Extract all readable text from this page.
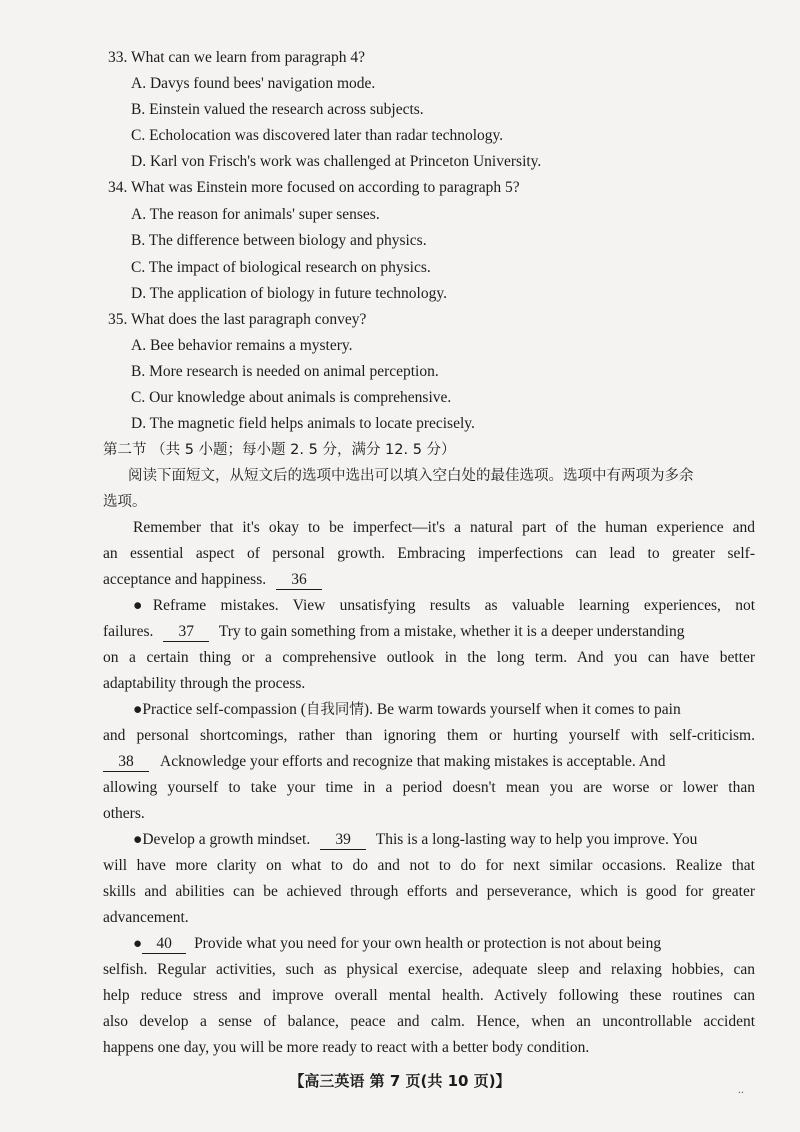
33. What can we learn from paragraph 4?
A. Davys found bees' navigation mode.
B. Einstein valued the research across subjects.
C. Echolocation was discovered later than radar technology.
D. Karl von Frisch's work was challenged at Princeton University.
34. What was Einstein more focused on according to paragraph 5?
A. The reason for animals' super senses.
B. The difference between biology and physics.
C. The impact of biological research on physics.
D. The application of biology in future technology.
35. What does the last paragraph convey?
A. Bee behavior remains a mystery.
B. More research is needed on animal perception.
C. Our knowledge about animals is comprehensive.
D. The magnetic field helps animals to locate precisely.
第二节 （共 5 小题；每小题 2. 5 分，满分 12. 5 分）
阅读下面短文，从短文后的选项中选出可以填入空白处的最佳选项。选项中有两项为多余
选项。
Remember that it's okay to be imperfect—it's a natural part of the human experience and
an essential aspect of personal growth. Embracing imperfections can lead to greater self-
acceptance and happiness. 36
●Reframe mistakes. View unsatisfying results as valuable learning experiences, not
failures. 37 Try to gain something from a mistake, whether it is a deeper understanding
on a certain thing or a comprehensive outlook in the long term. And you can have better
adaptability through the process.
●Practice self-compassion (自我同情). Be warm towards yourself when it comes to pain
and personal shortcomings, rather than ignoring them or hurting yourself with self-criticism.
38 Acknowledge your efforts and recognize that making mistakes is acceptable. And
allowing yourself to take your time in a period doesn't mean you are worse or lower than
others.
●Develop a growth mindset. 39 This is a long-lasting way to help you improve. You
will have more clarity on what to do and not to do for next similar occasions. Realize that
skills and abilities can be achieved through efforts and perseverance, which is good for greater
advancement.
● 40 Provide what you need for your own health or protection is not about being
selfish. Regular activities, such as physical exercise, adequate sleep and relaxing hobbies, can
help reduce stress and improve overall mental health. Actively following these routines can
also develop a sense of balance, peace and calm. Hence, when an uncontrollable accident
happens one day, you will be more ready to react with a better body condition.
【高三英语 第 7 页(共 10 页)】	..
